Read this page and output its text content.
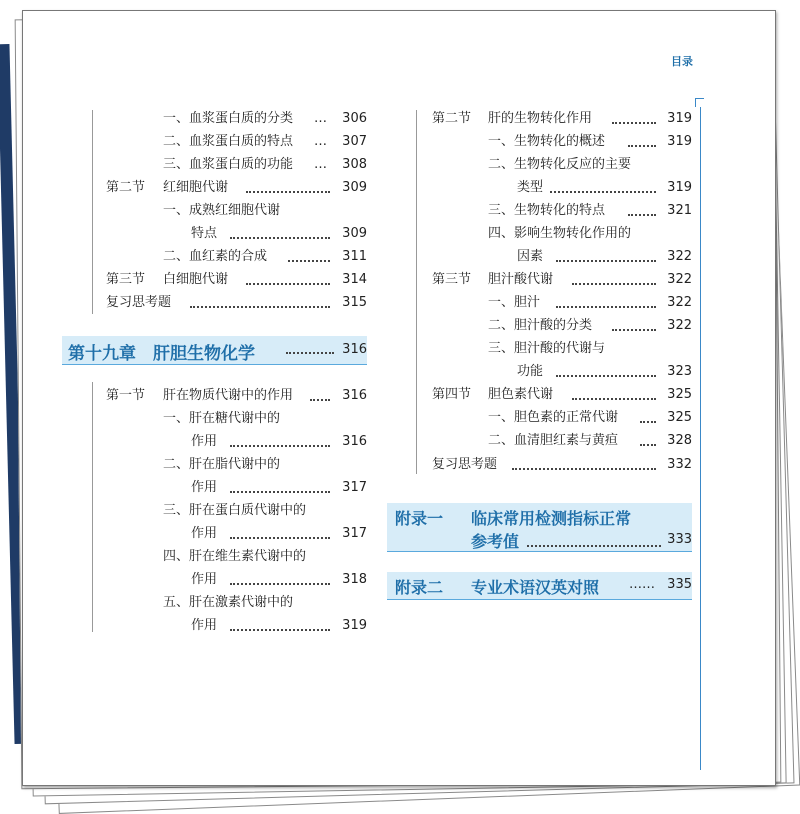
目录
一、血浆蛋白质的分类 …	306
二、血浆蛋白质的特点 …	307
三、血浆蛋白质的功能 …	308
第二节 红细胞代谢	309
一、成熟红细胞代谢
特点	309
二、血红素的合成	311
第三节 白细胞代谢	314
复习思考题	315
第十九章　肝胆生物化学	316
第一节 肝在物质代谢中的作用	316
一、肝在糖代谢中的
作用	316
二、肝在脂代谢中的
作用	317
三、肝在蛋白质代谢中的
作用	317
四、肝在维生素代谢中的
作用	318
五、肝在激素代谢中的
作用	319
第二节 肝的生物转化作用	319
一、生物转化的概述	319
二、生物转化反应的主要
类型	319
三、生物转化的特点	321
四、影响生物转化作用的
因素	322
第三节 胆汁酸代谢	322
一、胆汁	322
二、胆汁酸的分类	322
三、胆汁酸的代谢与
功能	323
第四节 胆色素代谢	325
一、胆色素的正常代谢	325
二、血清胆红素与黄疸	328
复习思考题	332
附录一 临床常用检测指标正常
参考值	333
附录二 专业术语汉英对照 …… 335
